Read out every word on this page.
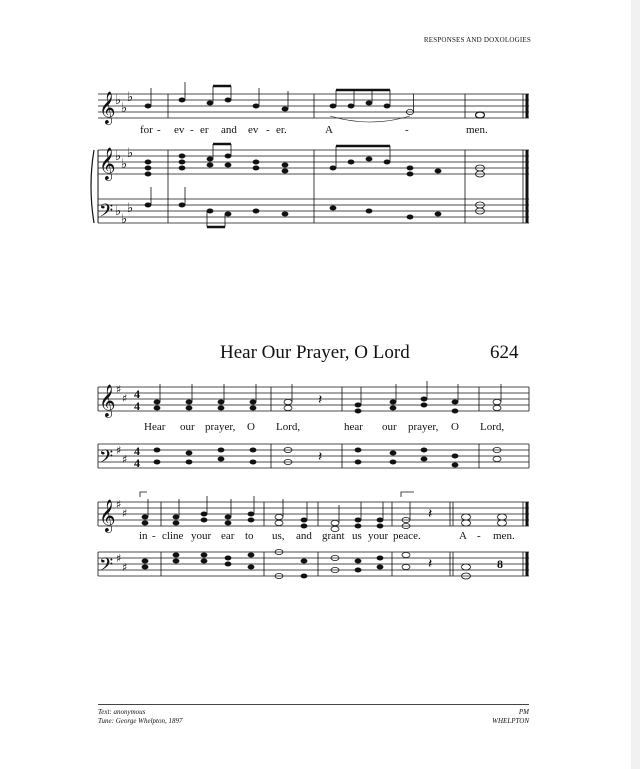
RESPONSES AND DOXOLOGIES
𝄞
𝄞
𝄢
♭
♭
♭
♭
♭
♭
♭
♭
♭
𝄞
𝄢
♯
♯
♯
♯
4
4
4
4
𝄽
𝄽
𝄞
𝄢
♯
♯
♯
♯
𝄽
𝄽	8
for - ev - er and ev - er.	A	-	men.
Hear Our Prayer, O Lord	624
Hear our prayer, O Lord,	hear our prayer, O Lord,
in - cline your ear to us, and grant us your peace.	A - men.
Text: anonymous
Tune: George Whelpton, 1897
PM
WHELPTON
